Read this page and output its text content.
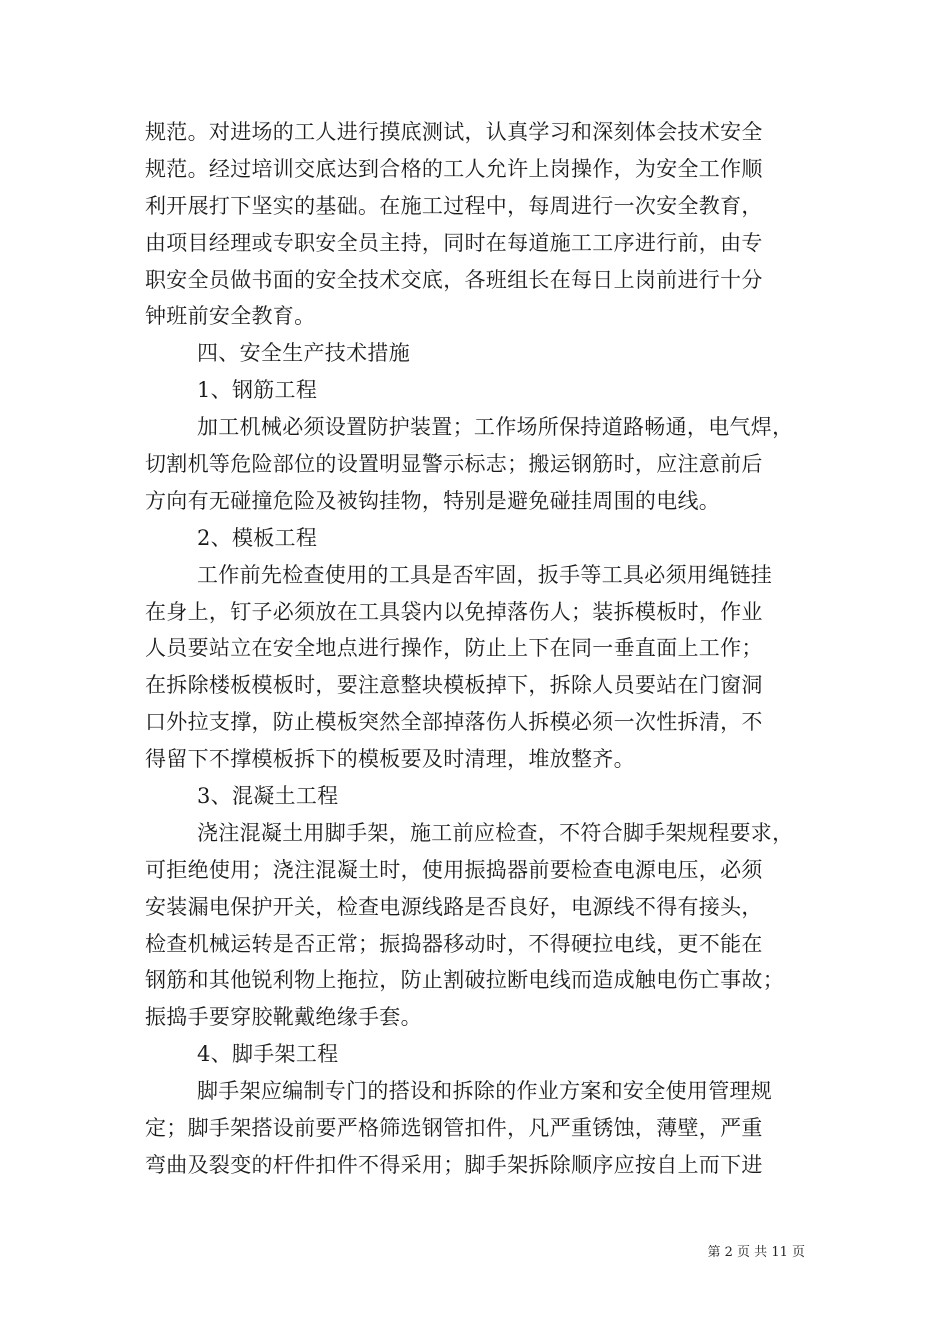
规范。对进场的工人进行摸底测试，认真学习和深刻体会技术安全
规范。经过培训交底达到合格的工人允许上岗操作，为安全工作顺
利开展打下坚实的基础。在施工过程中，每周进行一次安全教育，
由项目经理或专职安全员主持，同时在每道施工工序进行前，由专
职安全员做书面的安全技术交底，各班组长在每日上岗前进行十分
钟班前安全教育。
四、安全生产技术措施
1、钢筋工程
加工机械必须设置防护装置；工作场所保持道路畅通，电气焊，
切割机等危险部位的设置明显警示标志；搬运钢筋时，应注意前后
方向有无碰撞危险及被钩挂物，特别是避免碰挂周围的电线。
2、模板工程
工作前先检查使用的工具是否牢固，扳手等工具必须用绳链挂
在身上，钉子必须放在工具袋内以免掉落伤人；装拆模板时，作业
人员要站立在安全地点进行操作，防止上下在同一垂直面上工作；
在拆除楼板模板时，要注意整块模板掉下，拆除人员要站在门窗洞
口外拉支撑，防止模板突然全部掉落伤人拆模必须一次性拆清，不
得留下不撑模板拆下的模板要及时清理，堆放整齐。
3、混凝土工程
浇注混凝土用脚手架，施工前应检查，不符合脚手架规程要求，
可拒绝使用；浇注混凝土时，使用振捣器前要检查电源电压，必须
安装漏电保护开关，检查电源线路是否良好，电源线不得有接头，
检查机械运转是否正常；振捣器移动时，不得硬拉电线，更不能在
钢筋和其他锐利物上拖拉，防止割破拉断电线而造成触电伤亡事故；
振捣手要穿胶靴戴绝缘手套。
4、脚手架工程
脚手架应编制专门的搭设和拆除的作业方案和安全使用管理规
定；脚手架搭设前要严格筛选钢管扣件，凡严重锈蚀，薄壁，严重
弯曲及裂变的杆件扣件不得采用；脚手架拆除顺序应按自上而下进
第 2 页 共 11 页
